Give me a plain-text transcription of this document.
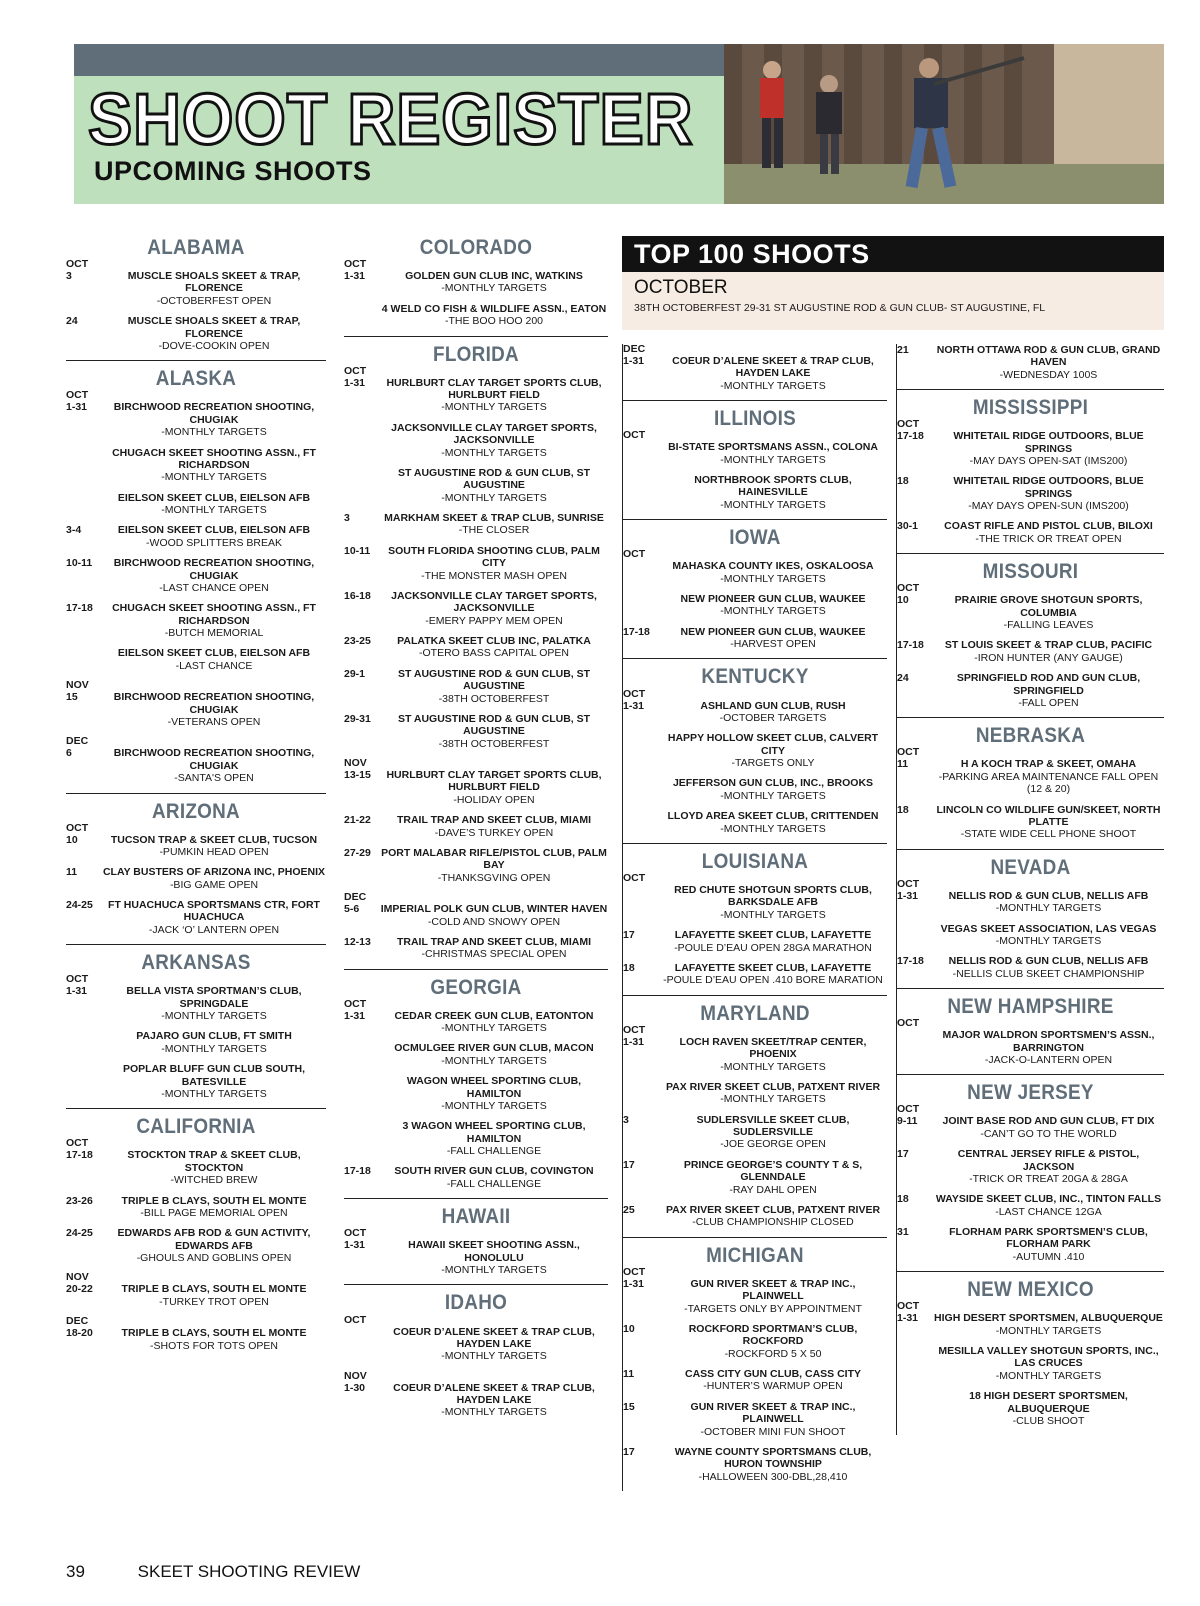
SHOOT REGISTER
UPCOMING SHOOTS
TOP 100 SHOOTS
OCTOBER
38TH OCTOBERFEST 29-31 ST AUGUSTINE ROD & GUN CLUB- ST AUGUSTINE, FL
ALABAMA
OCT
3	MUSCLE SHOALS SKEET & TRAP, FLORENCE
-OCTOBERFEST OPEN
24	MUSCLE SHOALS SKEET & TRAP, FLORENCE
-DOVE-COOKIN OPEN
ALASKA
OCT
1-31	BIRCHWOOD RECREATION SHOOTING, CHUGIAK
-MONTHLY TARGETS
CHUGACH SKEET SHOOTING ASSN., FT RICHARDSON
-MONTHLY TARGETS
EIELSON SKEET CLUB, EIELSON AFB
-MONTHLY TARGETS
3-4	EIELSON SKEET CLUB, EIELSON AFB
-WOOD SPLITTERS BREAK
10-11	BIRCHWOOD RECREATION SHOOTING, CHUGIAK
-LAST CHANCE OPEN
17-18	CHUGACH SKEET SHOOTING ASSN., FT RICHARDSON
-BUTCH MEMORIAL
EIELSON SKEET CLUB, EIELSON AFB
-LAST CHANCE
NOV
15	BIRCHWOOD RECREATION SHOOTING, CHUGIAK
-VETERANS OPEN
DEC
6	BIRCHWOOD RECREATION SHOOTING, CHUGIAK
-SANTA'S OPEN
ARIZONA
OCT
10	TUCSON TRAP & SKEET CLUB, TUCSON
-PUMKIN HEAD OPEN
11	CLAY BUSTERS OF ARIZONA INC, PHOENIX
-BIG GAME OPEN
24-25	FT HUACHUCA SPORTSMANS CTR, FORT HUACHUCA
-JACK ‘O’ LANTERN OPEN
ARKANSAS
OCT
1-31	BELLA VISTA SPORTMAN’S CLUB, SPRINGDALE
-MONTHLY TARGETS
PAJARO GUN CLUB, FT SMITH
-MONTHLY TARGETS
POPLAR BLUFF GUN CLUB SOUTH, BATESVILLE
-MONTHLY TARGETS
CALIFORNIA
OCT
17-18	STOCKTON TRAP & SKEET CLUB, STOCKTON
-WITCHED BREW
23-26	TRIPLE B CLAYS, SOUTH EL MONTE
-BILL PAGE MEMORIAL OPEN
24-25	EDWARDS AFB ROD & GUN ACTIVITY, EDWARDS AFB
-GHOULS AND GOBLINS OPEN
NOV
20-22	TRIPLE B CLAYS, SOUTH EL MONTE
-TURKEY TROT OPEN
DEC
18-20	TRIPLE B CLAYS, SOUTH EL MONTE
-SHOTS FOR TOTS OPEN
COLORADO
OCT
1-31	GOLDEN GUN CLUB INC, WATKINS
-MONTHLY TARGETS
4 WELD CO FISH & WILDLIFE ASSN., EATON
-THE BOO HOO 200
FLORIDA
OCT
1-31	HURLBURT CLAY TARGET SPORTS CLUB, HURLBURT FIELD
-MONTHLY TARGETS
JACKSONVILLE CLAY TARGET SPORTS, JACKSONVILLE
-MONTHLY TARGETS
ST AUGUSTINE ROD & GUN CLUB, ST AUGUSTINE
-MONTHLY TARGETS
3	MARKHAM SKEET & TRAP CLUB, SUNRISE
-THE CLOSER
10-11	SOUTH FLORIDA SHOOTING CLUB, PALM CITY
-THE MONSTER MASH OPEN
16-18	JACKSONVILLE CLAY TARGET SPORTS, JACKSONVILLE
-EMERY PAPPY MEM OPEN
23-25	PALATKA SKEET CLUB INC, PALATKA
-OTERO BASS CAPITAL OPEN
29-1	ST AUGUSTINE ROD & GUN CLUB, ST AUGUSTINE
-38TH OCTOBERFEST
29-31	ST AUGUSTINE ROD & GUN CLUB, ST AUGUSTINE
-38TH OCTOBERFEST
NOV
13-15	HURLBURT CLAY TARGET SPORTS CLUB, HURLBURT FIELD
-HOLIDAY OPEN
21-22	TRAIL TRAP AND SKEET CLUB, MIAMI
-DAVE’S TURKEY OPEN
27-29 PORT MALABAR RIFLE/PISTOL CLUB, PALM BAY
-THANKSGVING OPEN
DEC
5-6	IMPERIAL POLK GUN CLUB, WINTER HAVEN
-COLD AND SNOWY OPEN
12-13	TRAIL TRAP AND SKEET CLUB, MIAMI
-CHRISTMAS SPECIAL OPEN
GEORGIA
OCT
1-31	CEDAR CREEK GUN CLUB, EATONTON
-MONTHLY TARGETS
OCMULGEE RIVER GUN CLUB, MACON
-MONTHLY TARGETS
WAGON WHEEL SPORTING CLUB, HAMILTON
-MONTHLY TARGETS
3 WAGON WHEEL SPORTING CLUB, HAMILTON
-FALL CHALLENGE
17-18	SOUTH RIVER GUN CLUB, COVINGTON
-FALL CHALLENGE
HAWAII
OCT
1-31	HAWAII SKEET SHOOTING ASSN., HONOLULU
-MONTHLY TARGETS
IDAHO
OCT
COEUR D’ALENE SKEET & TRAP CLUB, HAYDEN LAKE
-MONTHLY TARGETS
NOV
1-30	COEUR D’ALENE SKEET & TRAP CLUB, HAYDEN LAKE
-MONTHLY TARGETS
DEC
1-31	COEUR D’ALENE SKEET & TRAP CLUB, HAYDEN LAKE
-MONTHLY TARGETS
ILLINOIS
OCT
BI-STATE SPORTSMANS ASSN., COLONA
-MONTHLY TARGETS
NORTHBROOK SPORTS CLUB, HAINESVILLE
-MONTHLY TARGETS
IOWA
OCT
MAHASKA COUNTY IKES, OSKALOOSA
-MONTHLY TARGETS
NEW PIONEER GUN CLUB, WAUKEE
-MONTHLY TARGETS
17-18	NEW PIONEER GUN CLUB, WAUKEE
-HARVEST OPEN
KENTUCKY
OCT
1-31	ASHLAND GUN CLUB, RUSH
-OCTOBER TARGETS
HAPPY HOLLOW SKEET CLUB, CALVERT CITY
-TARGETS ONLY
JEFFERSON GUN CLUB, INC., BROOKS
-MONTHLY TARGETS
LLOYD AREA SKEET CLUB, CRITTENDEN
-MONTHLY TARGETS
LOUISIANA
OCT
RED CHUTE SHOTGUN SPORTS CLUB, BARKSDALE AFB
-MONTHLY TARGETS
17	LAFAYETTE SKEET CLUB, LAFAYETTE
-POULE D’EAU OPEN 28GA MARATHON
18	LAFAYETTE SKEET CLUB, LAFAYETTE
-POULE D’EAU OPEN .410 BORE MARATION
MARYLAND
OCT
1-31	LOCH RAVEN SKEET/TRAP CENTER, PHOENIX
-MONTHLY TARGETS
PAX RIVER SKEET CLUB, PATXENT RIVER
-MONTHLY TARGETS
3	SUDLERSVILLE SKEET CLUB, SUDLERSVILLE
-JOE GEORGE OPEN
17	PRINCE GEORGE’S COUNTY T & S, GLENNDALE
-RAY DAHL OPEN
25	PAX RIVER SKEET CLUB, PATXENT RIVER
-CLUB CHAMPIONSHIP CLOSED
MICHIGAN
OCT
1-31	GUN RIVER SKEET & TRAP INC., PLAINWELL
-TARGETS ONLY BY APPOINTMENT
10	ROCKFORD SPORTMAN’S CLUB, ROCKFORD
-ROCKFORD 5 X 50
11	CASS CITY GUN CLUB, CASS CITY
-HUNTER’S WARMUP OPEN
15	GUN RIVER SKEET & TRAP INC., PLAINWELL
-OCTOBER MINI FUN SHOOT
17	WAYNE COUNTY SPORTSMANS CLUB, HURON TOWNSHIP
-HALLOWEEN 300-DBL,28,410
21	NORTH OTTAWA ROD & GUN CLUB, GRAND HAVEN
-WEDNESDAY 100S
MISSISSIPPI
OCT
17-18	WHITETAIL RIDGE OUTDOORS, BLUE SPRINGS
-MAY DAYS OPEN-SAT (IMS200)
18	WHITETAIL RIDGE OUTDOORS, BLUE SPRINGS
-MAY DAYS OPEN-SUN (IMS200)
30-1	COAST RIFLE AND PISTOL CLUB, BILOXI
-THE TRICK OR TREAT OPEN
MISSOURI
OCT
10	PRAIRIE GROVE SHOTGUN SPORTS, COLUMBIA
-FALLING LEAVES
17-18	ST LOUIS SKEET & TRAP CLUB, PACIFIC
-IRON HUNTER (ANY GAUGE)
24	SPRINGFIELD ROD AND GUN CLUB, SPRINGFIELD
-FALL OPEN
NEBRASKA
OCT
11	H A KOCH TRAP & SKEET, OMAHA
-PARKING AREA MAINTENANCE FALL OPEN (12 & 20)
18	LINCOLN CO WILDLIFE GUN/SKEET, NORTH PLATTE
-STATE WIDE CELL PHONE SHOOT
NEVADA
OCT
1-31	NELLIS ROD & GUN CLUB, NELLIS AFB
-MONTHLY TARGETS
VEGAS SKEET ASSOCIATION, LAS VEGAS
-MONTHLY TARGETS
17-18	NELLIS ROD & GUN CLUB, NELLIS AFB
-NELLIS CLUB SKEET CHAMPIONSHIP
NEW HAMPSHIRE
OCT
MAJOR WALDRON SPORTSMEN’S ASSN., BARRINGTON
-JACK-O-LANTERN OPEN
NEW JERSEY
OCT
9-11	JOINT BASE ROD AND GUN CLUB, FT DIX
-CAN’T GO TO THE WORLD
17	CENTRAL JERSEY RIFLE & PISTOL, JACKSON
-TRICK OR TREAT 20GA & 28GA
18	WAYSIDE SKEET CLUB, INC., TINTON FALLS
-LAST CHANCE 12GA
31	FLORHAM PARK SPORTSMEN’S CLUB, FLORHAM PARK
-AUTUMN .410
NEW MEXICO
OCT
1-31	HIGH DESERT SPORTSMEN, ALBUQUERQUE
-MONTHLY TARGETS
MESILLA VALLEY SHOTGUN SPORTS, INC., LAS CRUCES
-MONTHLY TARGETS
18 HIGH DESERT SPORTSMEN, ALBUQUERQUE
-CLUB SHOOT
39	SKEET SHOOTING REVIEW
